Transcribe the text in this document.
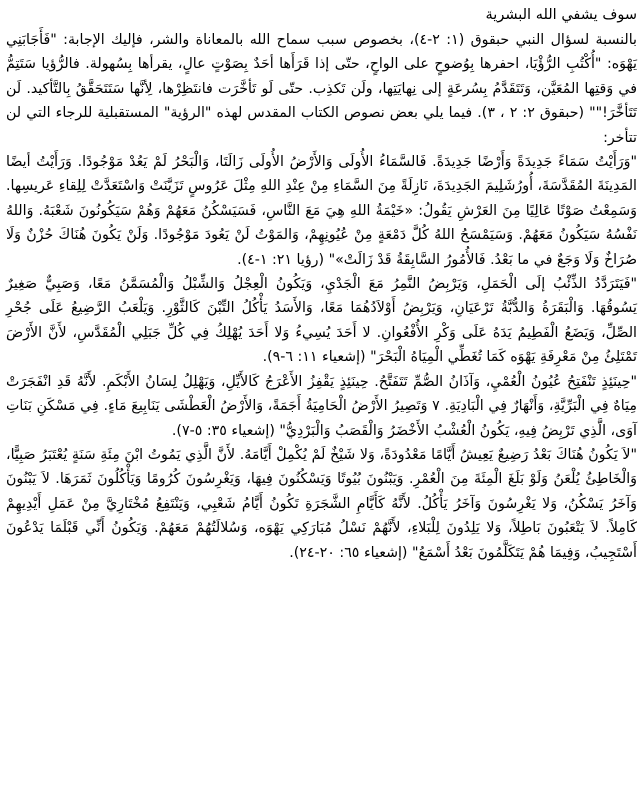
سوف يشفي الله البشرية

بالنسبة لسؤال النبي حبقوق (١: ٢-٤)، بخصوص سبب سماح الله بالمعاناة والشر، فإليك الإجابة: "فَأَجَابَنِي يَهْوَه: "أُكْتُبِ الرُّؤْيَا، احفرها بِوُضوحٍ على الواحٍ، حتّى إذا قَرَأَها أحَدٌ بِصَوْتٍ عالٍ، يقرأها بِسُهولة. فالرُّؤيا سَتَتِمُّ في وَقتِها المُعَيَّن، وَتَتَقَدَّمُ بِسُرعَةٍ إلى نِهايَتِها، ولَن تَكذِب. حتّى لَو تَأخَّرَت فانتَظِرْها، لِأنَّها سَتَتَحَقَّقُ بِالتَّأكيد. لَن تَتَأخَّرَ!"" (حبقوق ٢: ٢ ، ٣). فيما يلي بعض نصوص الكتاب المقدس لهذه "الرؤية" المستقبلية للرجاء التي لن تتأخر:

"وَرَأَيْتُ سَمَاءً جَدِيدَةً وَأَرْضًا جَدِيدَةً. فَالسَّمَاءُ الأُولَى وَالأَرْضُ الأُولَى زَالَتَا، وَالْبَحْرُ لَمْ يَعُدْ مَوْجُودًا. وَرَأَيْتُ أيضًا المَدِينَةَ المُقَدَّسَةَ، أُورُشَلِيمَ الجَدِيدَةَ، نَازِلَةً مِنَ السَّمَاءِ مِنْ عِنْدِ اللهِ مِثْلَ عَرُوسٍ تَزَيَّنَتْ وَاسْتَعَدَّتْ لِلِقاءِ عَريسِها. وَسَمِعْتُ صَوْتًا عَالِيًا مِنَ العَرْشِ يَقُولُ: «خَيْمَةُ اللهِ هِيَ مَعَ النَّاسِ، فَسَيَسْكُنُ مَعَهُمْ وَهُمْ سَيَكُونُونَ شَعْبَهُ. وَاللهُ نَفْسُهُ سَيَكُونُ مَعَهُمْ. وَسَيَمْسَحُ اللهُ كُلَّ دَمْعَةٍ مِنْ عُيُونِهِمْ، وَالمَوْتُ لَنْ يَعُودَ مَوْجُودًا. وَلَنْ يَكُونَ هُنَاكَ حُزْنٌ وَلَا صُرَاخٌ وَلَا وَجَعٌ في ما بَعْدُ. فَالأُمُورُ السَّابِقَةُ قَدْ زَالَتْ»" (رؤيا ٢١: ١-٤).

"فَيَتَرَدَّدُ الذِّئْبُ إلَى الْحَمَلِ، وَيَرْبِضُ النَّمِرُ مَعَ الْجَدْيِ، وَيَكُونُ الْعِجْلُ وَالشِّبْلُ وَالْمُسَمَّنُ مَعًا، وَصَبِيٌّ صَغِيرٌ يَسُوقُهَا. وَالْبَقَرَةُ وَالدُّبَّةُ تَرْعَيَانِ، وَيَرْبِضُ أَوْلاَدُهُمَا مَعًا، وَالأَسَدُ يَأْكُلُ التِّبْنَ كَالثَّوْرِ. وَيَلْعَبُ الرَّضِيعُ عَلَى جُحْرِ الصِّلِّ، وَيَضَعُ الْفَطِيمُ يَدَهُ عَلَى وَكْرِ الأُفْعُوانِ. لا أَحَدَ يُسِيءُ وَلا أَحَدَ يُهْلِكُ فِي كُلِّ جَبَلِي الْمُقَدَّسِ، لأَنَّ الأَرْضَ تَمْتَلِئُ مِنْ مَعْرِفَةِ يَهْوَه كَمَا تُغَطِّي الْمِيَاهُ الْبَحْرَ" (إشعياء ١١: ٦-٩).

"حِينَئِذٍ تَنْفَتِحُ عُيُونُ الْعُمْيِ، وَآذَانُ الصُّمِّ تَتَفَتَّحُ. حِينَئِذٍ يَقْفِزُ الأَعْرَجُ كَالأَيِّلِ، وَيَهْلِلُ لِسَانُ الأَبْكَمِ. لأَنَّهُ قَدِ انْفَجَرَتْ مِيَاهٌ فِي الْبَرِّيَّةِ، وَأَنْهَارٌ فِي الْبَادِيَةِ. ٧ وَتَصِيرُ الأَرْضُ الْحَامِيَةُ أَجَمَةً، وَالأَرْضُ الْعَطْشَى يَنَابِيعَ مَاءٍ. فِي مَسْكَنِ بَنَاتِ آوَى، الَّذِي تَرْبِضُ فِيهِ، يَكُونُ الْعُشْبُ الأَخْضَرُ وَالْقَصَبُ وَالْبَرْدِيُّ" (إشعياء ٣٥: ٥-٧).

"لاَ يَكُونُ هُنَاكَ بَعْدُ رَضِيعٌ يَعِيشُ أَيَّامًا مَعْدُودَةً، وَلا شَيْخٌ لَمْ يُكْمِلْ أَيَّامَهُ. لأَنَّ الَّذِي يَمُوتُ ابْنَ مِئَةِ سَنَةٍ يُعْتَبَرُ صَبِيًّا، وَالْخَاطِئُ يُلْعَنُ وَلَوْ بَلَغَ الْمِئَةَ مِنَ الْعُمْرِ. وَيَبْنُونَ بُيُوتًا وَيَسْكُنُونَ فِيهَا، وَيَغْرِسُونَ كُرُومًا وَيَأْكُلُونَ ثَمَرَهَا. لاَ يَبْنُونَ وَآخَرُ يَسْكُنُ، وَلا يَغْرِسُونَ وَآخَرُ يَأْكُلُ. لأَنَّهُ كَأَيَّامِ الشَّجَرَةِ تَكُونُ أَيَّامُ شَعْبِي، وَيَنْتَفِعُ مُخْتَارِيَّ مِنْ عَمَلِ أَيْدِيهِمْ كَامِلاً. لاَ يَتْعَبُونَ بَاطِلاً، وَلا يَلِدُونَ لِلْبَلاءِ، لأَنَّهُمْ نَسْلُ مُبَارَكِي يَهْوَه، وَسُلالَتُهُمْ مَعَهُمْ. وَيَكُونُ أَنِّي قَبْلَمَا يَدْعُونَ أَسْتَجِيبُ، وَفِيمَا هُمْ يَتَكَلَّمُونَ بَعْدُ أَسْمَعُ" (إشعياء ٦٥: ٢٠-٢٤).
